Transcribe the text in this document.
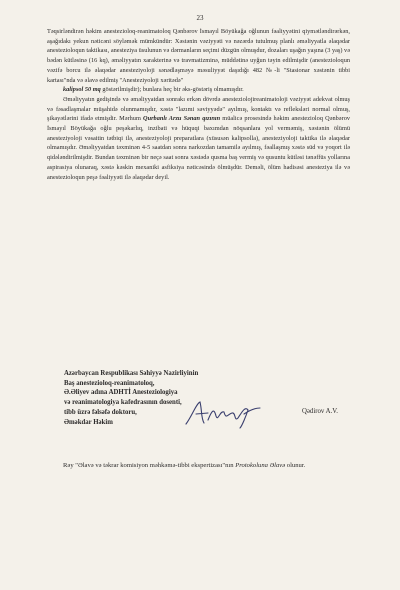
23

Təqsirləndirən həkim anestezioloq-reanimatoloq Qənbərov İsmayıl Böyükağa oğlunun fəaliyyətini qiymətləndirərkən, aşağıdakı yekun nəticəni söyləmək mümkündür: Xəstənin vəziyyəti və nəzərdə tutulmuş planlı əməliyyatla əlaqədar anestezioloqun taktikası, anesteziya üsulunun və dərmanların seçimi düzgün olmuşdur, dozaları uşağın yaşına (3 yaş) və bədən kütləsinə (16 kq), əməliyyatın xarakterinə və travmatizminə, müddətinə uyğun təyin edilmişdir (anestezioloqun vəzifə borcu ilə əlaqədar anesteziyoloji sənədləşməyə məsuliyyət daşıdığı 482 №-li "Stasionar xəstənin tibbi kartası"nda və əlavə edilmiş "Anesteziyoloji xəritədə"

kalipsol 50 mq göstərilmişdir); bunlara heç bir əks-göstəriş olmamışdır.

Əməliyyatın gedişində və əməliyyatdan sonrakı erkən dövrdə anesteziolojireanimatoloji vəziyyət adekvat olmuş və fəsadlaşmalar müşahidə olunmamışdır, xəstə "lazımi səviyyədə" ayılmış, kontaktı və refleksləri normal olmuş, şikayətlərini ifadə etmişdir. Mərhum Qurbanlı Arzu Sənan qızının müalicə prosesində həkim anestezioloq Qənbərov İsmayıl Böyükağa oğlu peşəkarlıq, inzibati və hüquqi baxımdan nöqsanlara yol verməmiş, xəstənin ölümü anesteziyoloji vəsaitin tətbiqi ilə, anesteziyoloji preparatlara (xüsusən kalipsolla), anesteziyoloji taktika ilə əlaqədar olmamışdır. Əməliyyatdan təxminən 4-5 saatdan sonra narkozdan tamamilə ayılmış, fəallaşmış xəstə süd və yoqort ilə qidələndirilmişdir. Bundan təxminən bir neçə saat sonra xəstədə qusma baş vermiş və qusuntu kütləsi tənəffüs yollarına aspirasiya olunaraq, xəstə kəskin mexaniki asfiksiya nəticəsində ölmüşdür. Deməli, ölüm hadisəsi anesteziya ilə və anestezioloqun peşə fəaliyyəti ilə əlaqədar deyil.

Azərbaycan Respublikası Səhiyyə Nazirliyinin
Baş anestezioloq-reanimatoloq,
Ə.Əliyev adına ADHTİ Anesteziologiya
və reanimatologiya kafedrasının dosenti,
tibb üzrə fəlsəfə doktoru,
Əməkdar Həkim
Qədirov A.V.
Rəy "Əlavə və təkrar komisiyon məhkəmə-tibbi ekspertizası"nın Protokoluna Əlavə olunur.
